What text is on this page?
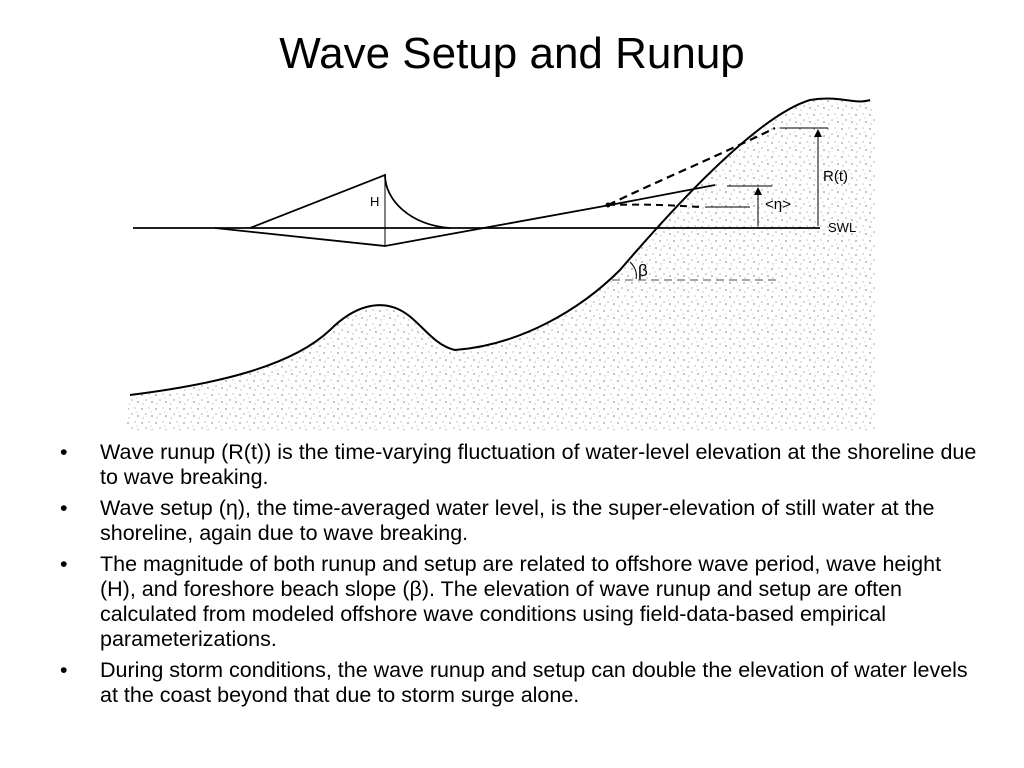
Wave Setup and Runup
H
R(t)
<η>
SWL
β
•	Wave runup (R(t)) is the time-varying fluctuation of water-level elevation at the shoreline due to wave breaking.
•	Wave setup (η), the time-averaged water level, is the super-elevation of still water at the shoreline, again due to wave breaking.
•	The magnitude of both runup and setup are related to offshore wave period, wave height (H), and foreshore beach slope (β). The elevation of wave runup and setup are often calculated from modeled offshore wave conditions using field-data-based empirical parameterizations.
•	During storm conditions, the wave runup and setup can double the elevation of water levels at the coast beyond that due to storm surge alone.
